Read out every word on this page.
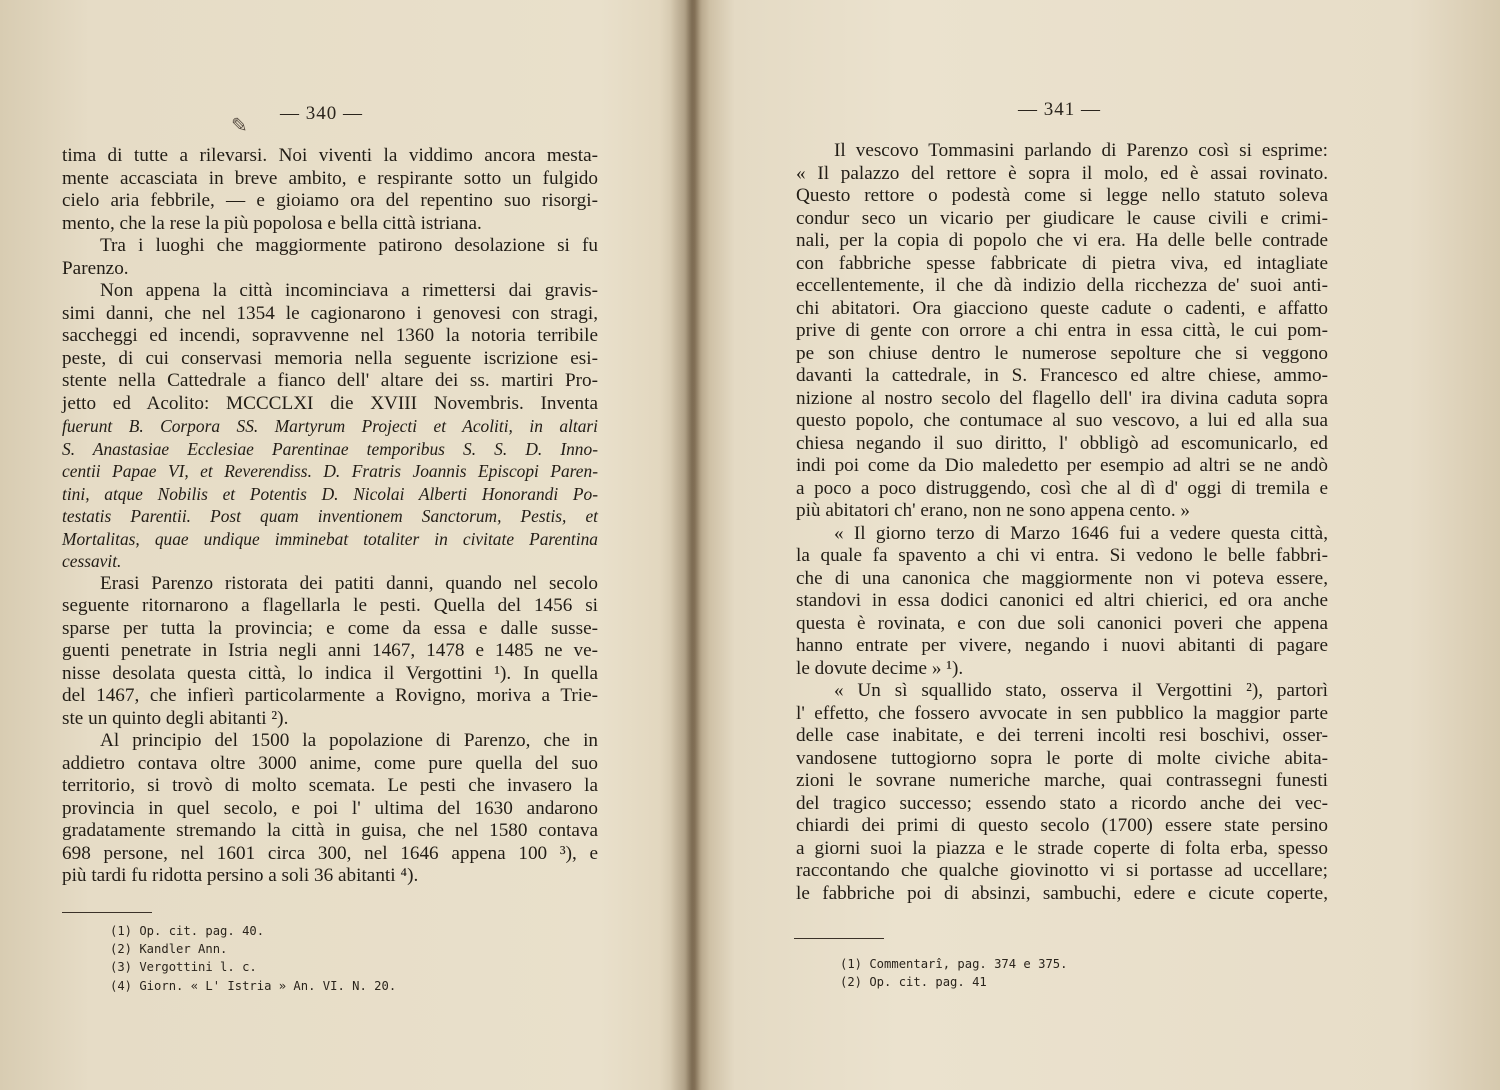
✎ — 340 —
tima di tutte a rilevarsi. Noi viventi la viddimo ancora mesta-
mente accasciata in breve ambito, e respirante sotto un fulgido
cielo aria febbrile, — e gioiamo ora del repentino suo risorgi-
mento, che la rese la più popolosa e bella città istriana.
Tra i luoghi che maggiormente patirono desolazione si fu
Parenzo.
Non appena la città incominciava a rimettersi dai gravis-
simi danni, che nel 1354 le cagionarono i genovesi con stragi,
saccheggi ed incendi, sopravvenne nel 1360 la notoria terribile
peste, di cui conservasi memoria nella seguente iscrizione esi-
stente nella Cattedrale a fianco dell' altare dei ss. martiri Pro-
jetto ed Acolito: MCCCLXI die XVIII Novembris. Inventa
fuerunt B. Corpora SS. Martyrum Projecti et Acoliti, in altari
S. Anastasiae Ecclesiae Parentinae temporibus S. S. D. Inno-
centii Papae VI, et Reverendiss. D. Fratris Joannis Episcopi Paren-
tini, atque Nobilis et Potentis D. Nicolai Alberti Honorandi Po-
testatis Parentii. Post quam inventionem Sanctorum, Pestis, et
Mortalitas, quae undique imminebat totaliter in civitate Parentina
cessavit.
Erasi Parenzo ristorata dei patiti danni, quando nel secolo
seguente ritornarono a flagellarla le pesti. Quella del 1456 si
sparse per tutta la provincia; e come da essa e dalle susse-
guenti penetrate in Istria negli anni 1467, 1478 e 1485 ne ve-
nisse desolata questa città, lo indica il Vergottini ¹). In quella
del 1467, che infierì particolarmente a Rovigno, moriva a Trie-
ste un quinto degli abitanti ²).
Al principio del 1500 la popolazione di Parenzo, che in
addietro contava oltre 3000 anime, come pure quella del suo
territorio, si trovò di molto scemata. Le pesti che invasero la
provincia in quel secolo, e poi l' ultima del 1630 andarono
gradatamente stremando la città in guisa, che nel 1580 contava
698 persone, nel 1601 circa 300, nel 1646 appena 100 ³), e
più tardi fu ridotta persino a soli 36 abitanti ⁴).
(1) Op. cit. pag. 40.
(2) Kandler Ann.
(3) Vergottini l. c.
(4) Giorn. « L' Istria » An. VI. N. 20.
— 341 —
Il vescovo Tommasini parlando di Parenzo così si esprime:
« Il palazzo del rettore è sopra il molo, ed è assai rovinato.
Questo rettore o podestà come si legge nello statuto soleva
condur seco un vicario per giudicare le cause civili e crimi-
nali, per la copia di popolo che vi era. Ha delle belle contrade
con fabbriche spesse fabbricate di pietra viva, ed intagliate
eccellentemente, il che dà indizio della ricchezza de' suoi anti-
chi abitatori. Ora giacciono queste cadute o cadenti, e affatto
prive di gente con orrore a chi entra in essa città, le cui pom-
pe son chiuse dentro le numerose sepolture che si veggono
davanti la cattedrale, in S. Francesco ed altre chiese, ammo-
nizione al nostro secolo del flagello dell' ira divina caduta sopra
questo popolo, che contumace al suo vescovo, a lui ed alla sua
chiesa negando il suo diritto, l' obbligò ad escomunicarlo, ed
indi poi come da Dio maledetto per esempio ad altri se ne andò
a poco a poco distruggendo, così che al dì d' oggi di tremila e
più abitatori ch' erano, non ne sono appena cento. »
« Il giorno terzo di Marzo 1646 fui a vedere questa città,
la quale fa spavento a chi vi entra. Si vedono le belle fabbri-
che di una canonica che maggiormente non vi poteva essere,
standovi in essa dodici canonici ed altri chierici, ed ora anche
questa è rovinata, e con due soli canonici poveri che appena
hanno entrate per vivere, negando i nuovi abitanti di pagare
le dovute decime » ¹).
« Un sì squallido stato, osserva il Vergottini ²), partorì
l' effetto, che fossero avvocate in sen pubblico la maggior parte
delle case inabitate, e dei terreni incolti resi boschivi, osser-
vandosene tuttogiorno sopra le porte di molte civiche abita-
zioni le sovrane numeriche marche, quai contrassegni funesti
del tragico successo; essendo stato a ricordo anche dei vec-
chiardi dei primi di questo secolo (1700) essere state persino
a giorni suoi la piazza e le strade coperte di folta erba, spesso
raccontando che qualche giovinotto vi si portasse ad uccellare;
le fabbriche poi di absinzi, sambuchi, edere e cicute coperte,
(1) Commentarî, pag. 374 e 375.
(2) Op. cit. pag. 41
